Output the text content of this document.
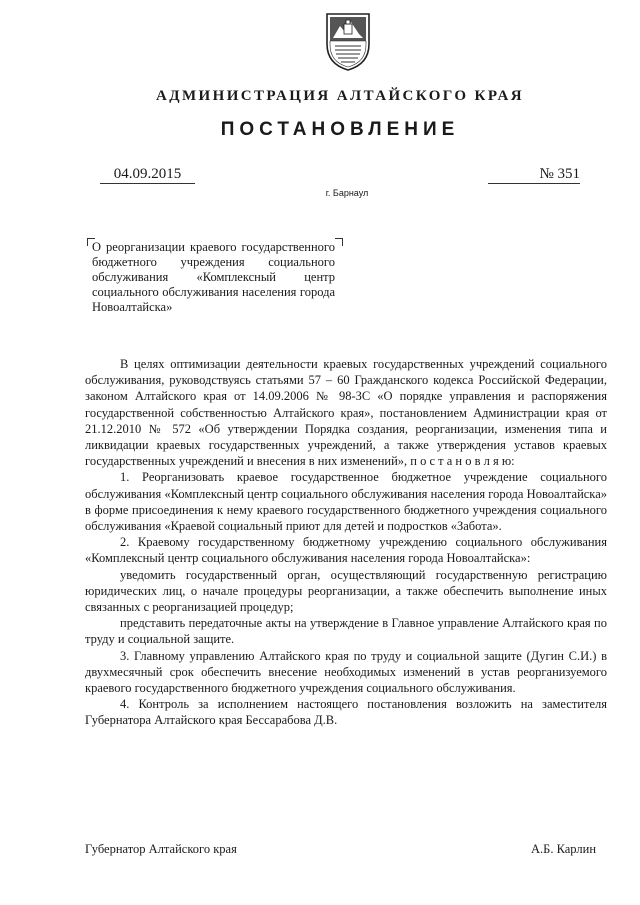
АДМИНИСТРАЦИЯ АЛТАЙСКОГО КРАЯ
ПОСТАНОВЛЕНИЕ
04.09.2015	№ 351
г. Барнаул
О реорганизации краевого государственного бюджетного учреждения социального обслуживания «Комплексный центр социального обслуживания населения города Новоалтайска»

В целях оптимизации деятельности краевых государственных учреждений социального обслуживания, руководствуясь статьями 57 – 60 Гражданского кодекса Российской Федерации, законом Алтайского края от 14.09.2006 № 98-ЗС «О порядке управления и распоряжения государственной собственностью Алтайского края», постановлением Администрации края от 21.12.2010 № 572 «Об утверждении Порядка создания, реорганизации, изменения типа и ликвидации краевых государственных учреждений, а также утверждения уставов краевых государственных учреждений и внесения в них изменений», п о с т а н о в л я ю:

1. Реорганизовать краевое государственное бюджетное учреждение социального обслуживания «Комплексный центр социального обслуживания населения города Новоалтайска» в форме присоединения к нему краевого государственного бюджетного учреждения социального обслуживания «Краевой социальный приют для детей и подростков «Забота».

2. Краевому государственному бюджетному учреждению социального обслуживания «Комплексный центр социального обслуживания населения города Новоалтайска»:

уведомить государственный орган, осуществляющий государственную регистрацию юридических лиц, о начале процедуры реорганизации, а также обеспечить выполнение иных связанных с реорганизацией процедур;

представить передаточные акты на утверждение в Главное управление Алтайского края по труду и социальной защите.

3. Главному управлению Алтайского края по труду и социальной защите (Дугин С.И.) в двухмесячный срок обеспечить внесение необходимых изменений в устав реорганизуемого краевого государственного бюджетного учреждения социального обслуживания.

4. Контроль за исполнением настоящего постановления возложить на заместителя Губернатора Алтайского края Бессарабова Д.В.

Губернатор Алтайского края	А.Б. Карлин
